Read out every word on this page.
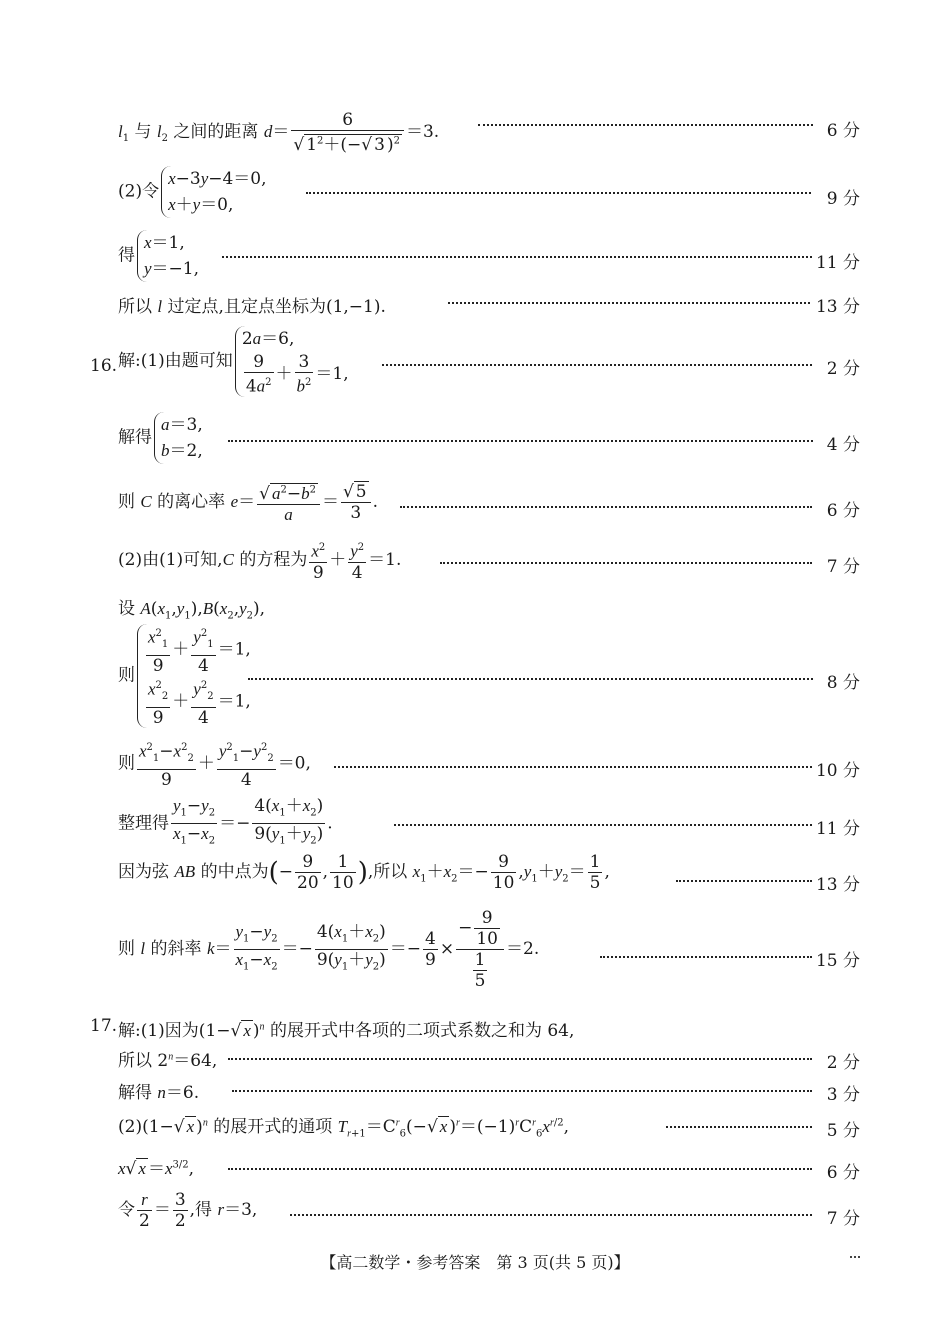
$l_1$ 与 $l_2$ 之间的距离 d＝ 6
√ $1^2+(-√$ 3 )$^2$ ＝3.	6 分
(2)令
x−3y−4＝0,
x＋y＝0,	9 分
得
x＝1,
y＝−1,	11 分
所以 l 过定点,且定点坐标为(1,−1).	13 分
16. 解:(1)由题可知
2a＝6,
$\frac{9}{4a^2} + \frac{3}{b^2} =1$,	2 分
解得
a＝3,
b＝2,	4 分
则 C 的离心率 e＝
√ $\frac{a^2-b^2}{a}$ ＝
√ $\frac{5}{3}$ .	6 分
(2)由(1)可知,C 的方程为 $\frac{x^2}{9} + \frac{y^2}{4} =1$.	7 分
设 $A(x_1,y_1),B(x_2,y_2)$,
则 $\frac{x^2_1}{9} + \frac{y^2_1}{4} =1$,
$\frac{x^2_2}{9} + \frac{y^2_2}{4} =1$,
8 分
则 $\frac{x^2_1-x^2_2}{9} + \frac{y^2_1-y^2_2}{4} =0$,	10 分
整理得 $\frac{y_1-y_2}{x_1-x_2} =- \frac{4(x_1+x_2)}{9(y_1+y_2)}$ .	11 分
因为弦 AB 的中点为(− $\frac{9}{20}$ , $\frac{1}{10}$ ),所以 $x_1+x_2=- \frac{9}{10} ,y_1+y_2= \frac{1}{5}$ ,
13 分
则 l 的斜率 $k= \frac{y_1-y_2}{x_1-x_2} =- \frac{4(x_1+x_2)}{9(y_1+y_2)} =- \frac{4}{9} \times \frac{- \frac{9}{10}}{\frac{1}{5}} =2$.
15 分
17. 解:(1)因为(1−√ x )$^n$ 的展开式中各项的二项式系数之和为 64,
所以 $2^n=64$,	2 分
解得 n＝6.	3 分
(2)(1−√ x )$^n$ 的展开式的通项 $T_{r+1}=C^r_6(-√$ x )$^r=(-1)^rC^r_6x^{r/2}$,	5 分
x√ $x =x^{3/2}$,	6 分
令 $\frac{r}{2} = \frac{3}{2}$ ,得 r＝3,	7 分
【高二数学・参考答案　第 3 页(共 5 页)】
